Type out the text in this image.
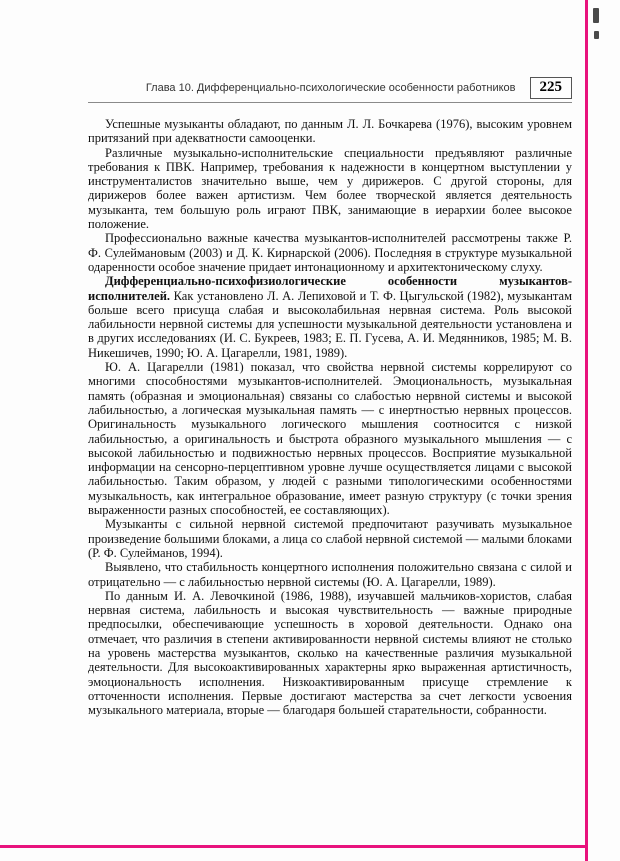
Глава 10. Дифференциально-психологические особенности работников	225

Успешные музыканты обладают, по данным Л. Л. Бочкарева (1976), высоким уровнем притязаний при адекватности самооценки.

Различные музыкально-исполнительские специальности предъявляют различные требования к ПВК. Например, требования к надежности в концертном выступлении у инструменталистов значительно выше, чем у дирижеров. С другой стороны, для дирижеров более важен артистизм. Чем более творческой является деятельность музыканта, тем большую роль играют ПВК, занимающие в иерархии более высокое положение.

Профессионально важные качества музыкантов-исполнителей рассмотрены также Р. Ф. Сулеймановым (2003) и Д. К. Кирнарской (2006). Последняя в структуре музыкальной одаренности особое значение придает интонационному и архитектоническому слуху.

Дифференциально-психофизиологические особенности музыкантов-исполнителей. Как установлено Л. А. Лепиховой и Т. Ф. Цыгульской (1982), музыкантам больше всего присуща слабая и высоколабильная нервная система. Роль высокой лабильности нервной системы для успешности музыкальной деятельности установлена и в других исследованиях (И. С. Букреев, 1983; Е. П. Гусева, А. И. Медянников, 1985; М. В. Никешичев, 1990; Ю. А. Цагарелли, 1981, 1989).

Ю. А. Цагарелли (1981) показал, что свойства нервной системы коррелируют со многими способностями музыкантов-исполнителей. Эмоциональность, музыкальная память (образная и эмоциональная) связаны со слабостью нервной системы и высокой лабильностью, а логическая музыкальная память — с инертностью нервных процессов. Оригинальность музыкального логического мышления соотносится с низкой лабильностью, а оригинальность и быстрота образного музыкального мышления — с высокой лабильностью и подвижностью нервных процессов. Восприятие музыкальной информации на сенсорно-перцептивном уровне лучше осуществляется лицами с высокой лабильностью. Таким образом, у людей с разными типологическими особенностями музыкальность, как интегральное образование, имеет разную структуру (с точки зрения выраженности разных способностей, ее составляющих).

Музыканты с сильной нервной системой предпочитают разучивать музыкальное произведение большими блоками, а лица со слабой нервной системой — малыми блоками (Р. Ф. Сулейманов, 1994).

Выявлено, что стабильность концертного исполнения положительно связана с силой и отрицательно — с лабильностью нервной системы (Ю. А. Цагарелли, 1989).

По данным И. А. Левочкиной (1986, 1988), изучавшей мальчиков-хористов, слабая нервная система, лабильность и высокая чувствительность — важные природные предпосылки, обеспечивающие успешность в хоровой деятельности. Однако она отмечает, что различия в степени активированности нервной системы влияют не столько на уровень мастерства музыкантов, сколько на качественные различия музыкальной деятельности. Для высокоактивированных характерны ярко выраженная артистичность, эмоциональность исполнения. Низкоактивированным присуще стремление к отточенности исполнения. Первые достигают мастерства за счет легкости усвоения музыкального материала, вторые — благодаря большей старательности, собранности.
